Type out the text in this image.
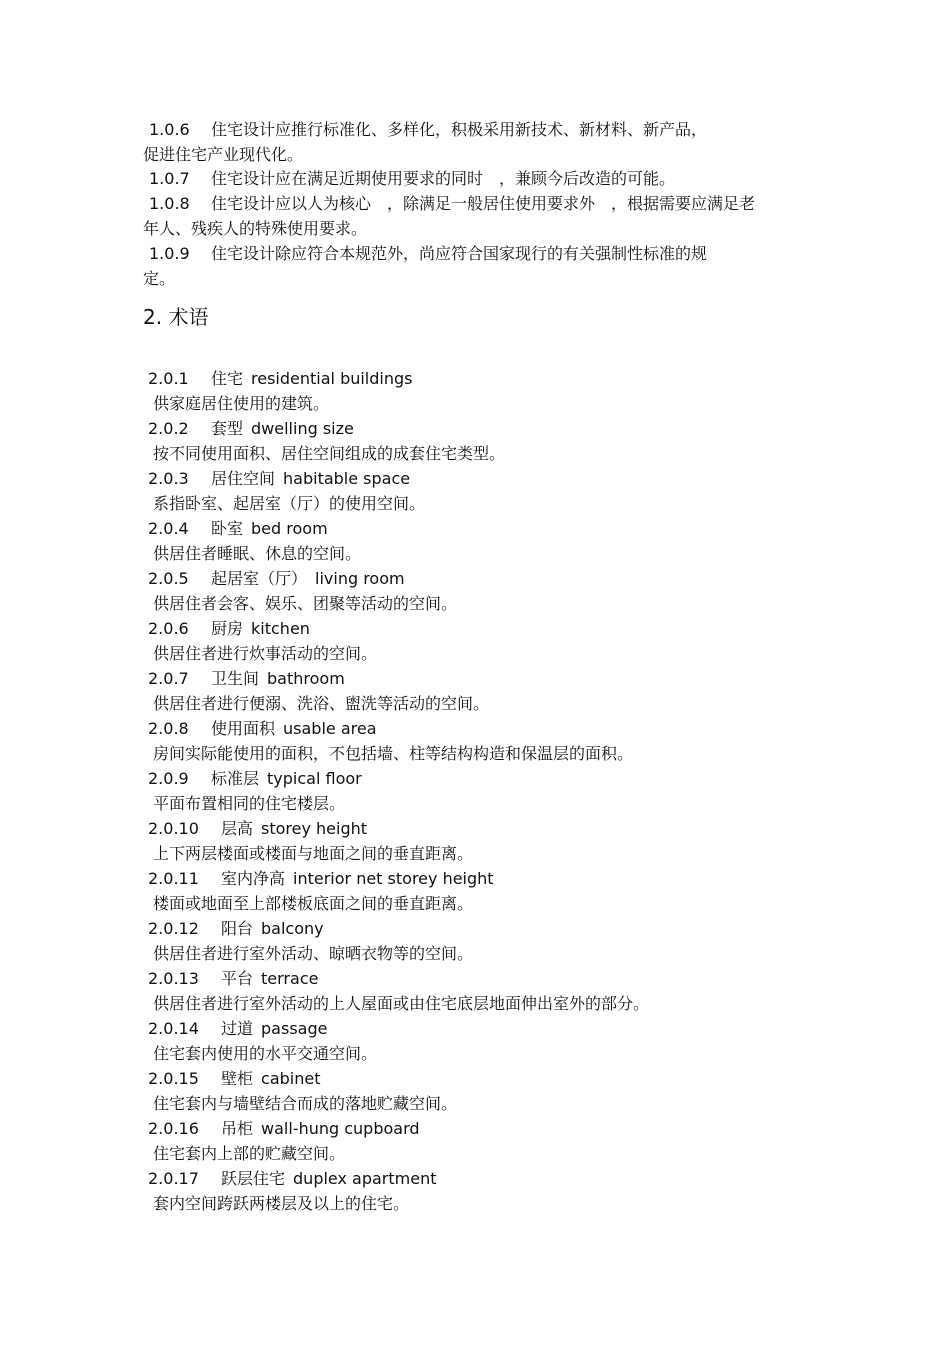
1.0.6 住宅设计应推行标准化、多样化，积极采用新技术、新材料、新产品，
促进住宅产业现代化。
1.0.7 住宅设计应在满足近期使用要求的同时　，兼顾今后改造的可能。
1.0.8 住宅设计应以人为核心　，除满足一般居住使用要求外　，根据需要应满足老
年人、残疾人的特殊使用要求。
1.0.9 住宅设计除应符合本规范外，尚应符合国家现行的有关强制性标准的规
定。
2. 术语
2.0.1 住宅 residential buildings
供家庭居住使用的建筑。
2.0.2 套型 dwelling size
按不同使用面积、居住空间组成的成套住宅类型。
2.0.3 居住空间 habitable space
系指卧室、起居室（厅）的使用空间。
2.0.4 卧室 bed room
供居住者睡眠、休息的空间。
2.0.5 起居室（厅） living room
供居住者会客、娱乐、团聚等活动的空间。
2.0.6 厨房 kitchen
供居住者进行炊事活动的空间。
2.0.7 卫生间 bathroom
供居住者进行便溺、洗浴、盥洗等活动的空间。
2.0.8 使用面积 usable area
房间实际能使用的面积，不包括墙、柱等结构构造和保温层的面积。
2.0.9 标准层 typical floor
平面布置相同的住宅楼层。
2.0.10 层高 storey height
上下两层楼面或楼面与地面之间的垂直距离。
2.0.11 室内净高 interior net storey height
楼面或地面至上部楼板底面之间的垂直距离。
2.0.12 阳台 balcony
供居住者进行室外活动、晾晒衣物等的空间。
2.0.13 平台 terrace
供居住者进行室外活动的上人屋面或由住宅底层地面伸出室外的部分。
2.0.14 过道 passage
住宅套内使用的水平交通空间。
2.0.15 壁柜 cabinet
住宅套内与墙壁结合而成的落地贮藏空间。
2.0.16 吊柜 wall-hung cupboard
住宅套内上部的贮藏空间。
2.0.17 跃层住宅 duplex apartment
套内空间跨跃两楼层及以上的住宅。
